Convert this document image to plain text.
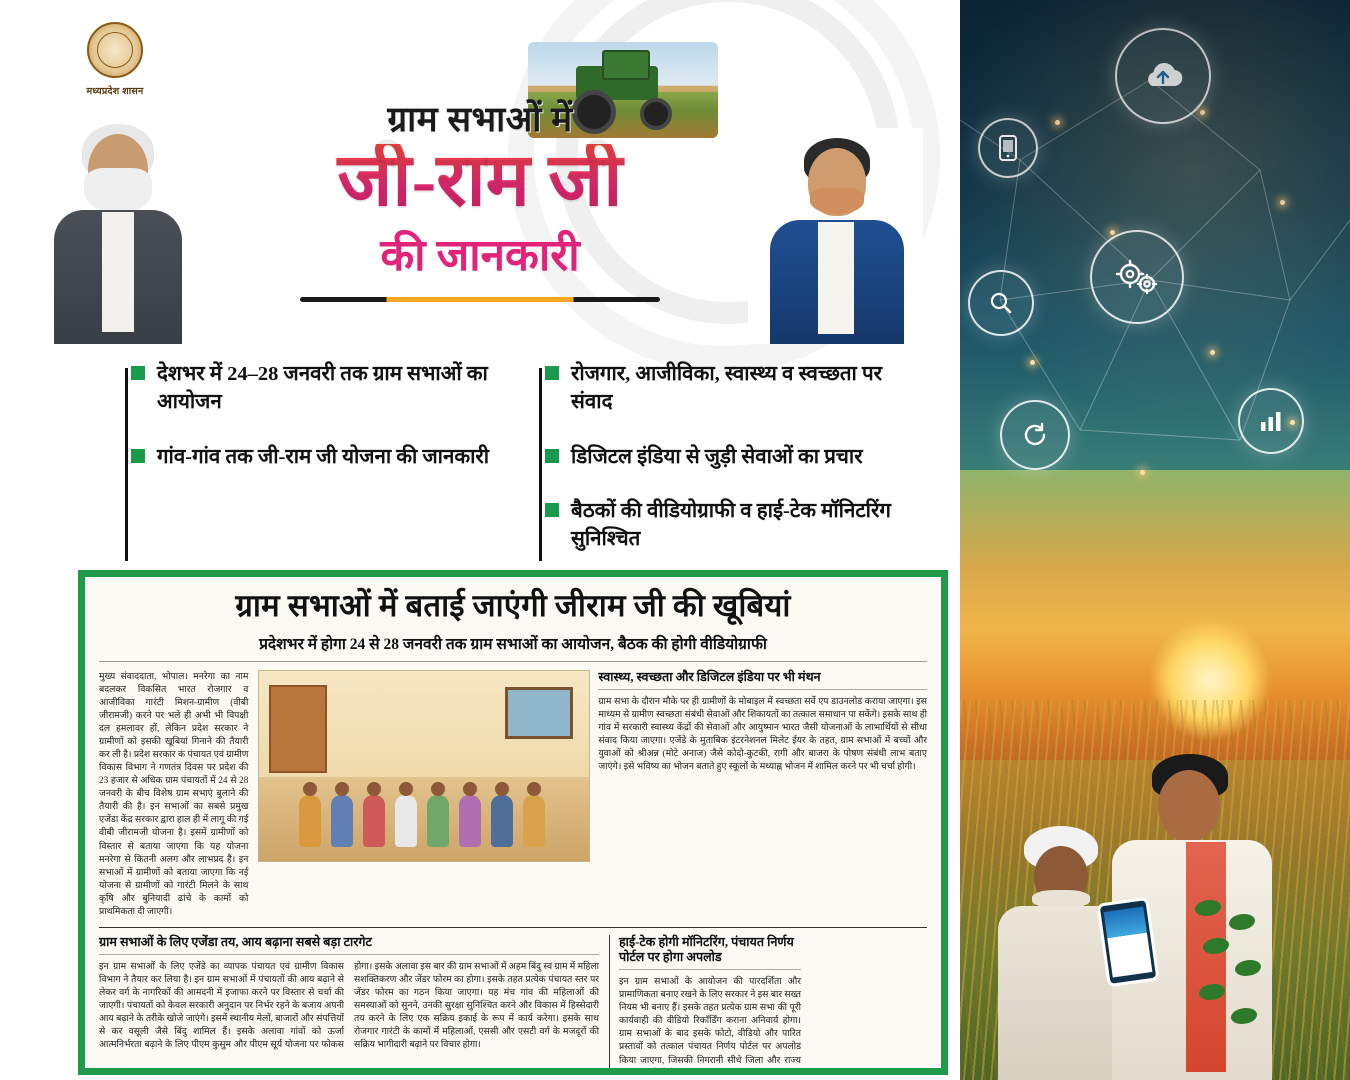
मध्यप्रदेश शासन
ग्राम सभाओं में
जी-राम जी
की जानकारी
देशभर में 24–28 जनवरी तक ग्राम सभाओं का आयोजन
गांव-गांव तक जी-राम जी योजना की जानकारी
रोजगार, आजीविका, स्वास्थ्य व स्वच्छता पर संवाद
डिजिटल इंडिया से जुड़ी सेवाओं का प्रचार
बैठकों की वीडियोग्राफी व हाई-टेक मॉनिटरिंग सुनिश्चित
ग्राम सभाओं में बताई जाएंगी जीराम जी की खूबियां
प्रदेशभर में होगा 24 से 28 जनवरी तक ग्राम सभाओं का आयोजन, बैठक की होगी वीडियोग्राफी
मुख्य संवाददाता, भोपाल। मनरेगा का नाम बदलकर विकसित भारत रोजगार व आजीविका गारंटी मिशन-ग्रामीण (वीबी जीरामजी) करने पर भले ही अभी भी विपक्षी दल हमलावर हों, लेकिन प्रदेश सरकार ने ग्रामीणों को इसकी खूबियां गिनाने की तैयारी कर ली है। प्रदेश सरकार कं पंचायत एवं ग्रामीण विकास विभाग ने गणतंत्र दिवस पर प्रदेश की 23 हजार से अधिक ग्राम पंचायतों में 24 से 28 जनवरी के बीच विशेष ग्राम सभाएं बुलाने की तैयारी की है। इन सभाओं का सबसे प्रमुख एजेंडा केंद्र सरकार द्वारा हाल ही में लागू की गई वीबी जीरामजी योजना है। इसमें ग्रामीणों को विस्तार से बताया जाएगा कि यह योजना मनरेगा से कितनी अलग और लाभप्रद है। इन सभाओं में ग्रामीणों को बताया जाएगा कि नई योजना से ग्रामीणों को गारंटी मिलने के साथ कृषि और बुनियादी ढांचे के कामों को प्राथमिकता दी जाएगी।
स्वास्थ्य, स्वच्छता और डिजिटल इंडिया पर भी मंथन
ग्राम सभा के दौरान मौके पर ही ग्रामीणों के मोबाइल में स्वच्छता सर्वे एप डाउनलोड कराया जाएगा। इस माध्यम से ग्रामीण स्वच्छता संबंधी सेवाओं और शिकायतों का तत्काल समाधान पा सकेंगे। इसके साथ ही गांव में सरकारी स्वास्थ्य केंद्रों की सेवाओं और आयुष्मान भारत जैसी योजनाओं के लाभार्थियों से सीधा संवाद किया जाएगा। एजेंडे के मुताबिक इंटरनेशनल मिलेट ईयर के तहत, ग्राम सभाओं में बच्चों और युवाओं को श्रीअन्न (मोटे अनाज) जैसे कोदो-कुटकी, रागी और बाजरा के पोषण संबंधी लाभ बताए जाएंगे। इसे भविष्य का भोजन बताते हुए स्कूलों के मध्याह्न भोजन में शामिल करने पर भी चर्चा होगी।
ग्राम सभाओं के लिए एजेंडा तय, आय बढ़ाना सबसे बड़ा टारगेट
इन ग्राम सभाओं के लिए एजेंडे का व्यापक पंचायत एवं ग्रामीण विकास विभाग ने तैयार कर लिया है। इन ग्राम सभाओं में पंचायतों की आय बढ़ाने से लेकर वर्ग के नागरिकों की आमदनी में इजाफा करने पर विस्तार से चर्चा की जाएगी। पंचायतों को केवल सरकारी अनुदान पर निर्भर रहने के बजाय अपनी आय बढ़ाने के तरीके खोजे जाएंगे। इसमें स्थानीय मेलों, बाजारों और संपत्तियों से कर वसूली जैसे बिंदु शामिल हैं। इसके अलावा गांवों को ऊर्जा आत्मनिर्भरता बढ़ाने के लिए पीएम कुसुम और पीएम सूर्य योजना पर फोकस होगा। इसके अलावा इस बार की ग्राम सभाओं में अहम बिंदु स्व ग्राम में महिला सशक्तिकरण और जेंडर फोरम का होगा। इसके तहत प्रत्येक पंचायत स्तर पर जेंडर फोरम का गठन किया जाएगा। यह मंच गांव की महिलाओं की समस्याओं को सुनने, उनकी सुरक्षा सुनिश्चित करने और विकास में हिस्सेदारी तय करने के लिए एक सक्रिय इकाई के रूप में कार्य करेगा। इसके साथ रोजगार गारंटी के कामों में महिलाओं, एससी और एसटी वर्ग के मजदूरों की सक्रिय भागीदारी बढ़ाने पर विचार होगा।
हाई-टेक होगी मॉनिटरिंग, पंचायत निर्णय पोर्टल पर होगा अपलोड
इन ग्राम सभाओं के आयोजन की पारदर्शिता और प्रामाणिकता बनाए रखने के लिए सरकार ने इस बार सख्त नियम भी बनाए हैं। इसके तहत प्रत्येक ग्राम सभा की पूरी कार्यवाही की वीडियो रिकॉर्डिंग कराना अनिवार्य होगा। ग्राम सभाओं के बाद इसके फोटो, वीडियो और पारित प्रस्तावों को तत्काल पंचायत निर्णय पोर्टल पर अपलोड किया जाएगा, जिसकी निगरानी सीधे जिला और राज्य मुख्यालय से होगी।
